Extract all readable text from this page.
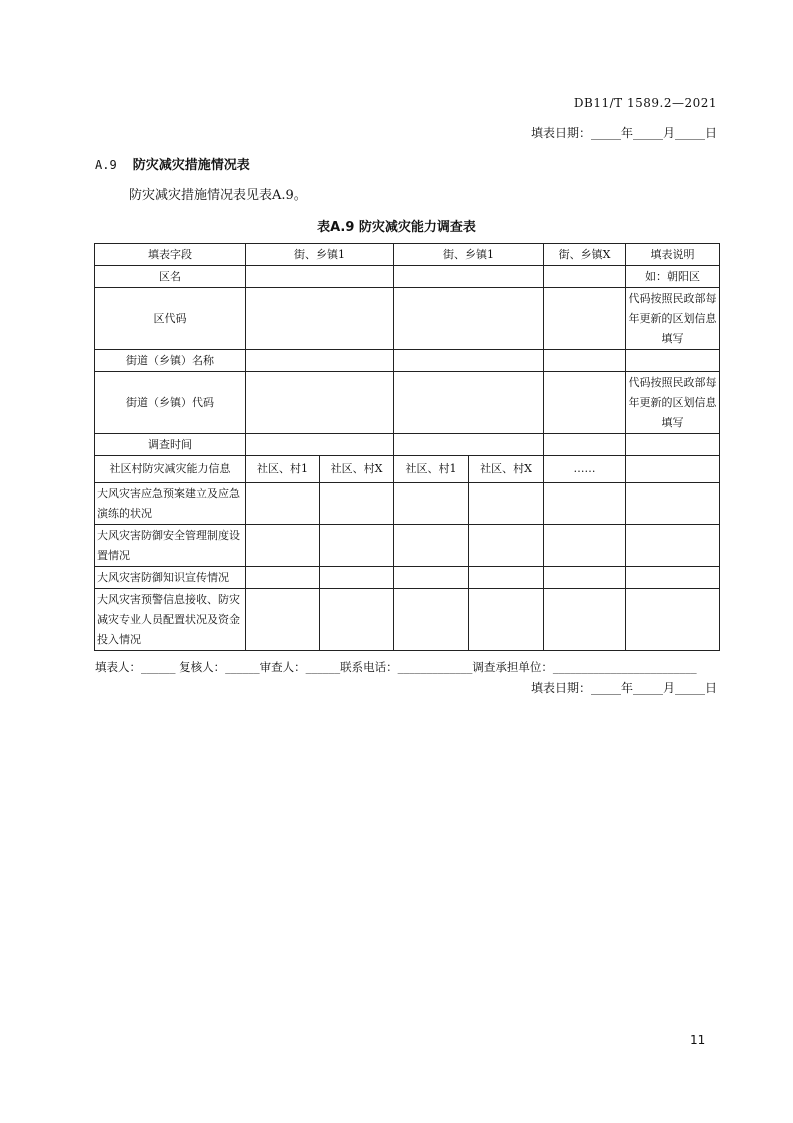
DB11/T 1589.2—2021
填表日期：_____年_____月_____日
A.9 防灾减灾措施情况表
防灾减灾措施情况表见表A.9。
表A.9 防灾减灾能力调查表
填表字段	街、乡镇1		街、乡镇1		街、乡镇X	填表说明
区名						如：朝阳区
区代码						代码按照民政部每年更新的区划信息填写
街道（乡镇）名称						
街道（乡镇）代码						代码按照民政部每年更新的区划信息填写
调查时间						
社区村防灾减灾能力信息	社区、村1	社区、村X	社区、村1	社区、村X	……	
大风灾害应急预案建立及应急演练的状况						
大风灾害防御安全管理制度设置情况						
大风灾害防御知识宣传情况						
大风灾害预警信息接收、防灾减灾专业人员配置状况及资金投入情况						
填表人：______ 复核人：______审查人：______联系电话：_____________调查承担单位：_________________________
填表日期：_____年_____月_____日
11
